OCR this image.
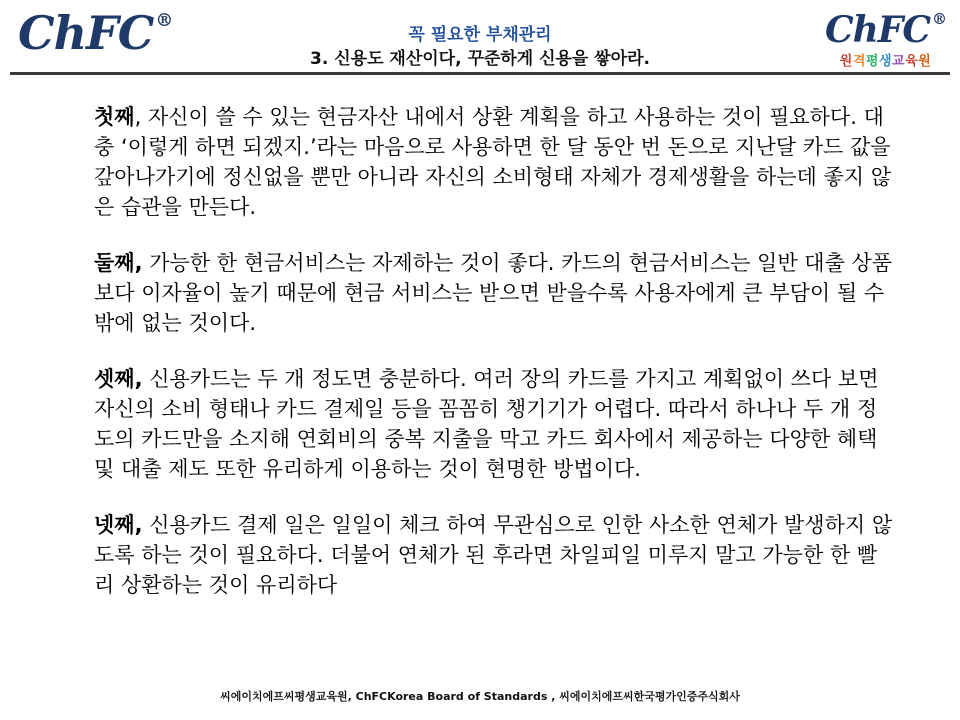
ChFC ®	ChFC ®
원격평생교육원
꼭 필요한 부채관리
3. 신용도 재산이다, 꾸준하게 신용을 쌓아라.

첫째, 자신이 쓸 수 있는 현금자산 내에서 상환 계획을 하고 사용하는 것이 필요하다. 대충 ‘이렇게 하면 되겠지.’라는 마음으로 사용하면 한 달 동안 번 돈으로 지난달 카드 값을 갚아나가기에 정신없을 뿐만 아니라 자신의 소비형태 자체가 경제생활을 하는데 좋지 않은 습관을 만든다.

둘째, 가능한 한 현금서비스는 자제하는 것이 좋다. 카드의 현금서비스는 일반 대출 상품보다 이자율이 높기 때문에 현금 서비스는 받으면 받을수록 사용자에게 큰 부담이 될 수밖에 없는 것이다.

셋째, 신용카드는 두 개 정도면 충분하다. 여러 장의 카드를 가지고 계획없이 쓰다 보면 자신의 소비 형태나 카드 결제일 등을 꼼꼼히 챙기기가 어렵다. 따라서 하나나 두 개 정도의 카드만을 소지해 연회비의 중복 지출을 막고 카드 회사에서 제공하는 다양한 혜택 및 대출 제도 또한 유리하게 이용하는 것이 현명한 방법이다.

넷째, 신용카드 결제 일은 일일이 체크 하여 무관심으로 인한 사소한 연체가 발생하지 않도록 하는 것이 필요하다. 더불어 연체가 된 후라면 차일피일 미루지 말고 가능한 한 빨리 상환하는 것이 유리하다

씨에이치에프씨평생교육원, ChFCKorea Board of Standards , 씨에이치에프씨한국평가인증주식회사
